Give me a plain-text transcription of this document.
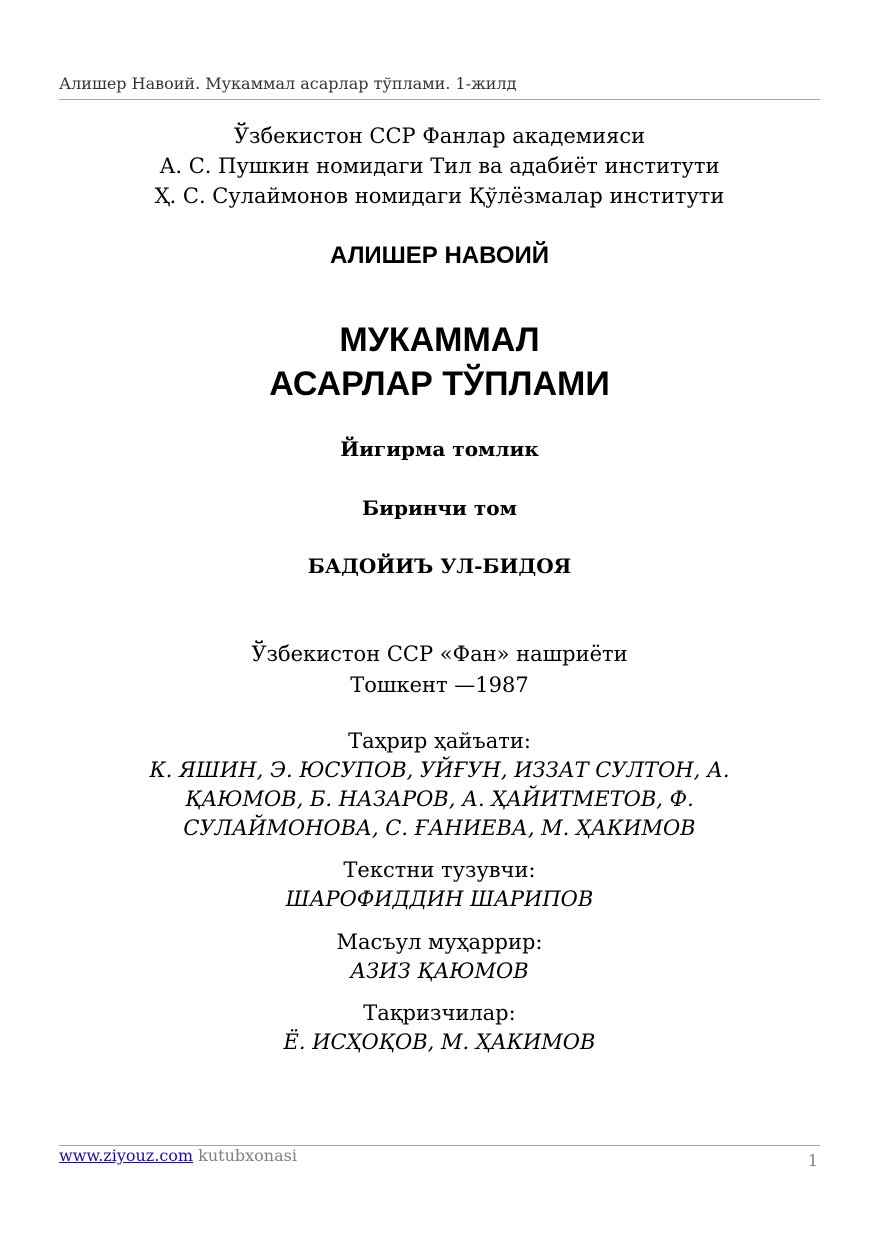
Алишер Навоий. Мукаммал асарлар тўплами. 1-жилд
Ўзбекистон ССР Фанлар академияси
А. С. Пушкин номидаги Тил ва адабиёт институти
Ҳ. С. Сулаймонов номидаги Қўлёзмалар институти
АЛИШЕР НАВОИЙ
МУКАММАЛ
АСАРЛАР ТЎПЛАМИ
Йигирма томлик
Биринчи том
БАДОЙИЪ УЛ-БИДОЯ
Ўзбекистон ССР «Фан» нашриёти
Тошкент —1987
Таҳрир ҳайъати:
К. ЯШИН, Э. ЮСУПОВ, УЙҒУН, ИЗЗАТ СУЛТОН, А. ҚАЮМОВ, Б. НАЗАРОВ, А. ҲАЙИТМЕТОВ, Ф. СУЛАЙМОНОВА, С. ҒАНИЕВА, М. ҲАКИМОВ
Текстни тузувчи:
ШАРОФИДДИН ШАРИПОВ
Масъул муҳаррир:
АЗИЗ ҚАЮМОВ
Тақризчилар:
Ё. ИСҲОҚОВ, М. ҲАКИМОВ
www.ziyouz.com kutubxonasi	1
